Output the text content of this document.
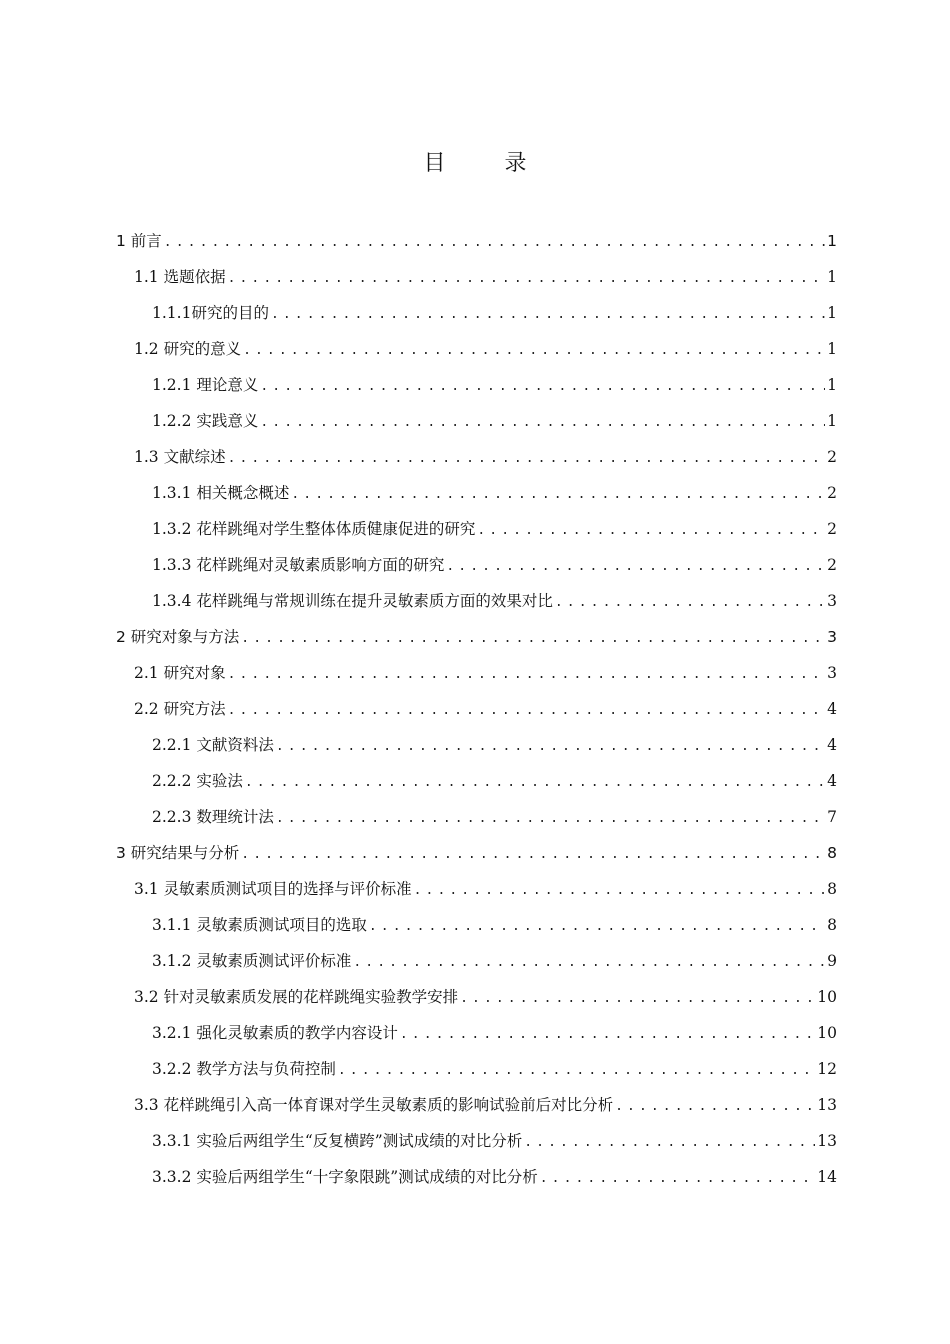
目 录
1 前言 .....	1
1.1 选题依据 .....	1
1.1.1研究的目的 .....	1
1.2 研究的意义 .....	1
1.2.1 理论意义 .....	1
1.2.2 实践意义 .....	1
1.3 文献综述 .....	2
1.3.1 相关概念概述 .....	2
1.3.2 花样跳绳对学生整体体质健康促进的研究 .....	2
1.3.3 花样跳绳对灵敏素质影响方面的研究 .....	2
1.3.4 花样跳绳与常规训练在提升灵敏素质方面的效果对比 .....	3
2 研究对象与方法 .....	3
2.1 研究对象 .....	3
2.2 研究方法 .....	4
2.2.1 文献资料法 .....	4
2.2.2 实验法 .....	4
2.2.3 数理统计法 .....	7
3 研究结果与分析 .....	8
3.1 灵敏素质测试项目的选择与评价标准 .....	8
3.1.1 灵敏素质测试项目的选取 .....	8
3.1.2 灵敏素质测试评价标准 .....	9
3.2 针对灵敏素质发展的花样跳绳实验教学安排 .....	10
3.2.1 强化灵敏素质的教学内容设计 .....	10
3.2.2 教学方法与负荷控制 .....	12
3.3 花样跳绳引入高一体育课对学生灵敏素质的影响试验前后对比分析 .....	13
3.3.1 实验后两组学生“反复横跨”测试成绩的对比分析 .....	13
3.3.2 实验后两组学生“十字象限跳”测试成绩的对比分析 .....	14
